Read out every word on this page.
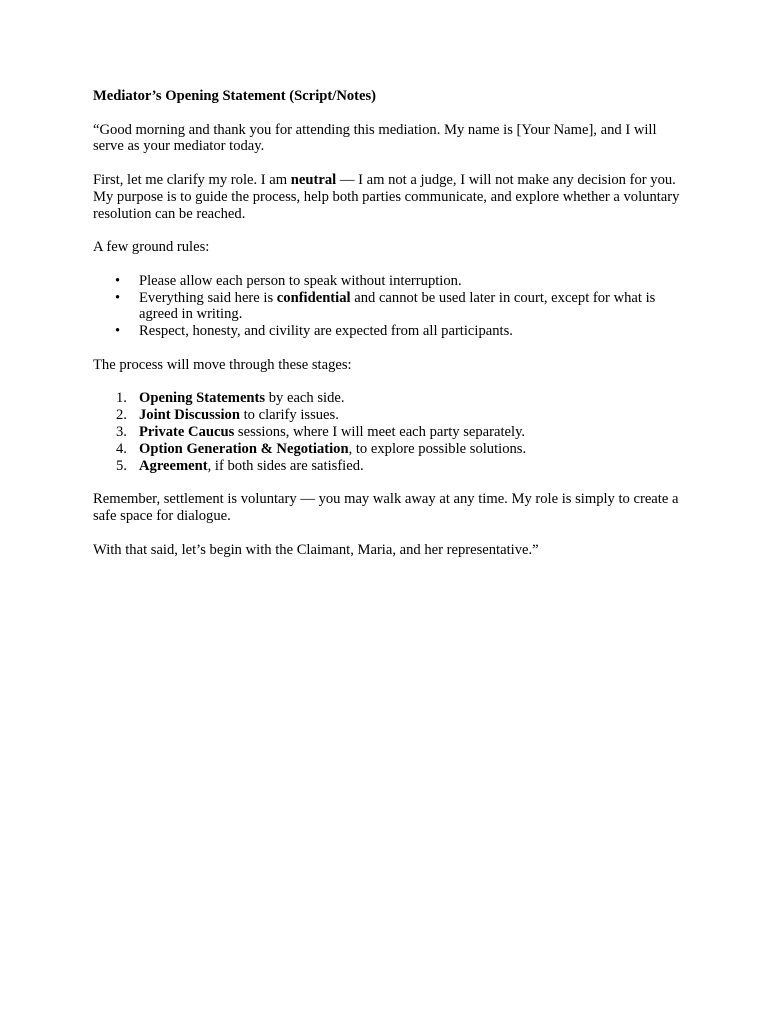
Mediator’s Opening Statement (Script/Notes)

“Good morning and thank you for attending this mediation. My name is [Your Name], and I will serve as your mediator today.

First, let me clarify my role. I am neutral — I am not a judge, I will not make any decision for you. My purpose is to guide the process, help both parties communicate, and explore whether a voluntary resolution can be reached.

A few ground rules:

• Please allow each person to speak without interruption.
• Everything said here is confidential and cannot be used later in court, except for what is agreed in writing.
• Respect, honesty, and civility are expected from all participants.

The process will move through these stages:

1. Opening Statements by each side.
2. Joint Discussion to clarify issues.
3. Private Caucus sessions, where I will meet each party separately.
4. Option Generation & Negotiation, to explore possible solutions.
5. Agreement, if both sides are satisfied.

Remember, settlement is voluntary — you may walk away at any time. My role is simply to create a safe space for dialogue.

With that said, let’s begin with the Claimant, Maria, and her representative.”
